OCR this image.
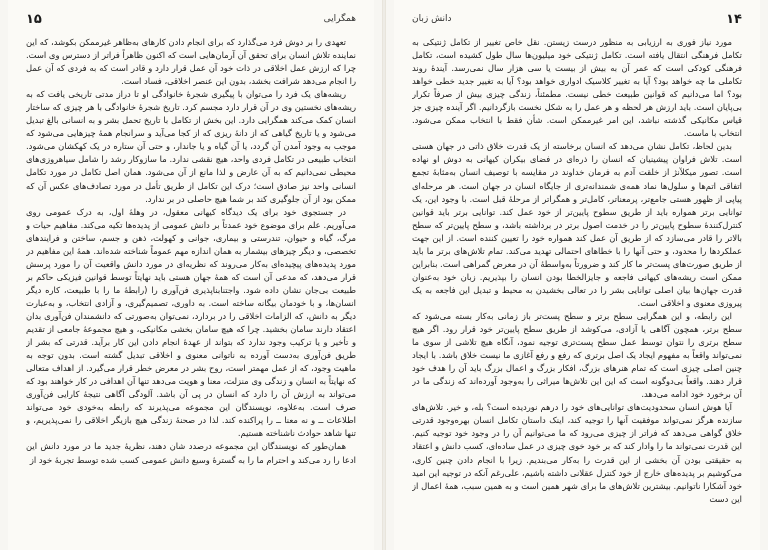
همگرایی
۱۵

تعهدی را بر دوش فرد می‌گذارد که برای انجام دادن کارهای به‌ظاهر غیرممکن بکوشد، که این نماینده تلاش انسان برای تحقق آن آرمان‌هایی است که اکنون ظاهراً فراتر از دسترس وی است. چرا که ارزش عمل اخلاقی در ذات خود آن عمل قرار دارد و قادر است که به فردی که آن عمل را انجام می‌دهد شرافت بخشد، بدون این عنصر اخلاقی، فساد است.

ریشه‌های یک فرد را می‌توان با پیگیری شجرهٔ خانوادگی او تا دراز مدتی تاریخی یافت که به ریشه‌های نخستین وی در آن قرار دارد مجسم کرد. تاریخ شجرهٔ خانوادگی با هر چیزی که ساختار انسان کمک می‌کند همگرایی دارد. این بخش از تکامل با تاریخ تحمل بشر و به انسانی بالغ تبدیل می‌شود و یا تاریخ گیاهی که از دانهٔ ریزی که از کجا می‌آید و سرانجام همهٔ چیزهایی می‌شود که موجب به وجود آمدن آن گردد، یا آن گیاه و یا جاندار، و حتی آن ستاره در یک کهکشان می‌شود. انتخاب طبیعی در تکامل فردی واحد، هیچ نقشی ندارد. ما سازوکار رشد را شامل سیاهروزی‌های محیطی نمی‌دانیم که به آن عارض و لذا مانع از آن می‌شود. همان اصل تکامل در مورد تکامل انسانی واحد نیز صادق است؛ درک این تکامل از طریق تأمل در مورد تصادف‌های عکس آن که ممکن بود از آن جلوگیری کند بر شما هیچ حاصلی در بر ندارد.

در جستجوی خود برای یک دیدگاه کیهانی معقول، در وهلهٔ اول، به درک عمومی روی می‌آوریم. علم برای موضوع خود عمدتاً بر دانش عمومی از پدیده‌ها تکیه می‌کند. مفاهیم حیات و مرگ، گیاه و حیوان، تندرستی و بیماری، جوانی و کهولت، ذهن و جسم، ساختن و فرایندهای تخصصی، و دیگر چیزهای بیشمار به همان اندازه مهم عموماً شناخته شده‌اند. همهٔ این مفاهیم در مورد پدیده‌های پیچیده‌ای به‌کار می‌روند که نظریه‌ای در مورد دانش واقعیت آن را مورد پرسش قرار می‌دهد، که مدعی آن است که همهٔ جهان هستی باید نهایتاً توسط قوانین فیزیکی حاکم بر طبیعت بی‌جان نشان داده شود. واجتنابناپذیری فن‌آوری را (رابطهٔ ما را با طبیعت، کاره دیگر انسان‌ها، و با خودمان بیگانه ساخته است. به داوری، تصمیم‌گیری، و آزادی انتخاب، و به‌عبارت دیگر به دانش، که الزامات اخلاقی را در بردارد، نمی‌توان به‌صورتی که دانشمندان فن‌آوری بدان اعتقاد دارند سامان بخشید. چرا که هیچ سامان بخشی مکانیکی، و هیچ مجموعهٔ جامعی از تقدیم و تأخیر و یا ترکیب وجود ندارد که بتواند از عهدهٔ انجام دادن این کار برآید. قدرتی که بشر از طریق فن‌آوری به‌دست آورده به ناتوانی معنوی و اخلاقی تبدیل گشته است. بدون توجه به ماهیت وجود، که از عمل مهمتر است، روح بشر در معرض خطر قرار می‌گیرد. از اهداف متعالی که نهایتاً به انسان و زندگی وی منزلت، معنا و هویت می‌دهد تنها آن اهدافی در کار خواهند بود که می‌تواند به ارزش آن را دارد که انسان در پی آن باشد. آلودگی آگاهی نتیجهٔ کارایی فن‌آوری صرف است. به‌علاوه، نویسندگان این مجموعه می‌پذیرند که رابطه به‌خودی خود می‌تواند اطلاعات ــ و نه معنا ــ را پراکنده کند. لذا در صحنهٔ زندگی هیچ بازیگر اخلاقی را نمی‌پذیریم، و تنها شاهد حوادث ناشناخته هستیم.

همان‌طور که نویسندگان این مجموعه درصدد شان دهند، نظریهٔ جدید ما در مورد دانش این ادعا را رد می‌کند و احترام ما را به گسترهٔ وسیع دانش عمومی کسب شده توسط تجربهٔ خود از

۱۴
دانش زبان

مورد نیاز فوری به ارزیابی به منظور درست زیستن. نقل خاص تغییر از تکامل ژنتیکی به تکامل فرهنگی انتقال یافته است. تکامل ژنتیکی خود میلیون‌ها سال طول کشیده است، تکامل فرهنگی کودکی است که عمر آن به بیش از بیست یا سی هزار سال نمی‌رسد. آیندهٔ روند تکاملی ما چه خواهد بود؟ آیا به تغییر کلاسیک ادواری خواهد بود؟ آیا به تغییر جدید خطی خواهد بود؟ اما می‌دانیم که قوانین طبیعت خطی نیست. مطمئناً، زندگی چیزی بیش از صرفاً تکرار بی‌پایان است. باید ارزش هر لحظه و هر عمل را به شکل نخست بازگردانیم. اگر آینده چیزی جز قیاس مکانیکی گذشته نباشد، این امر غیرممکن است. شأن فقط با انتخاب ممکن می‌شود. انتخاب با ماست.

بدین لحاظ، تکامل نشان می‌دهد که انسان برخاسته از یک قدرت خلاق ذاتی در جهان هستی است. تلاش فراوان پیشینیان که انسان را ذره‌ای در فضای بیکران کیهانی به دوش او نهاده است. تصور میکلآنژ از خلقت آدم به فرمان خداوند در مقایسه با توصیف انسان به‌مثابهٔ تجمع اتفاقی اتم‌ها و سلول‌ها نماد همه‌ی شمندانه‌تری از جایگاه انسان در جهان است. هر مرحله‌ای پیاپی از ظهور هستی جامع‌تر، پرمعناتر، کامل‌تر و همگراتر از مرحلهٔ قبل است. با وجود این، یک توانایی برتر همواره باید از طریق سطوح پایین‌تر از خود عمل کند. توانایی برتر باید قوانین کنترل‌کنندهٔ سطوح پایین‌تر را در خدمت اصول برتر در برداشته باشد، و سطح پایین‌تر که سطح بالاتر را قادر می‌سازد که از طریق آن عمل کند همواره خود را تعیین کننده است. از این جهت عملکردها را محدود، و حتی آنها را با خطاهای احتمالی تهدید می‌کند. تمام تلاش‌های برتر ما باید از طریق صورت‌های پست‌تر ما کار کند و ضرورتاً به‌واسطهٔ آن در معرض گمراهی است. بنابراین ممکن است ریشه‌های کیهانی فاجعه و جایزالخطا بودن انسان را بپذیریم. زبان خود به‌عنوان قدرت جهان‌ها بیان اصلی توانایی بشر را در تعالی بخشیدن به محیط و تبدیل این فاجعه به یک پیروزی معنوی و اخلاقی است.

این رابطه، و این همگرایی سطح برتر و سطح پست‌تر باز زمانی به‌کار بسته می‌شود که سطح برتر، همچون آگاهی یا آزادی، می‌کوشد از طریق سطح پایین‌تر خود قرار رود. اگر هیچ سطح برتری را نتوان توسط عمل سطح پست‌تری توجیه نمود، آنگاه هیچ تلاشی از سوی ما نمی‌تواند واقعاً به مفهوم ایجاد یک اصل برتری که رفع و رفع آغازی ما نیست خلاق باشد. با ایجاد چنین اصلی چیزی است که تمام هنرهای بزرگ، افکار بزرگ و اعمال بزرگ باید آن را هدف خود قرار دهند. واقعاً بی‌دوگونه است که این این تلاش‌ها میراثی را به‌وجود آورده‌اند که زندگی ما در آن برخورد خود ادامه می‌دهد.

آیا هوش انسان سحدودیت‌های توانایی‌های خود را درهم نوردیده است؟ بله، و خیر. تلاش‌های سازنده هرگز نمی‌تواند موفقیت آنها را توجیه کند، اینک داستان تکامل انسان بهره‌وجود قدرتی خلاق گواهی می‌دهد که فراتر از چیزی می‌رود که ما می‌توانیم آن را در وجود خود توجیه کنیم. این قدرت نمی‌تواند ما را وادار کند که بر خود خوی چیزی در عمل ساده‌ای، کسب دانش و اعتقاد به حقیقتی بودن آن بخشی از این قدرت را به‌کار می‌بندیم. زیرا با انجام دادن چنین کاری، می‌کوشیم بر پدیده‌های خارج از خود کنترل عقلانی داشته باشیم، علی‌رغم آنکه در توجیه این امید خود آشکارا ناتوانیم. بیشترین تلاش‌های ما برای شهر همین است و به همین سبب، همهٔ اعمال از این دست
